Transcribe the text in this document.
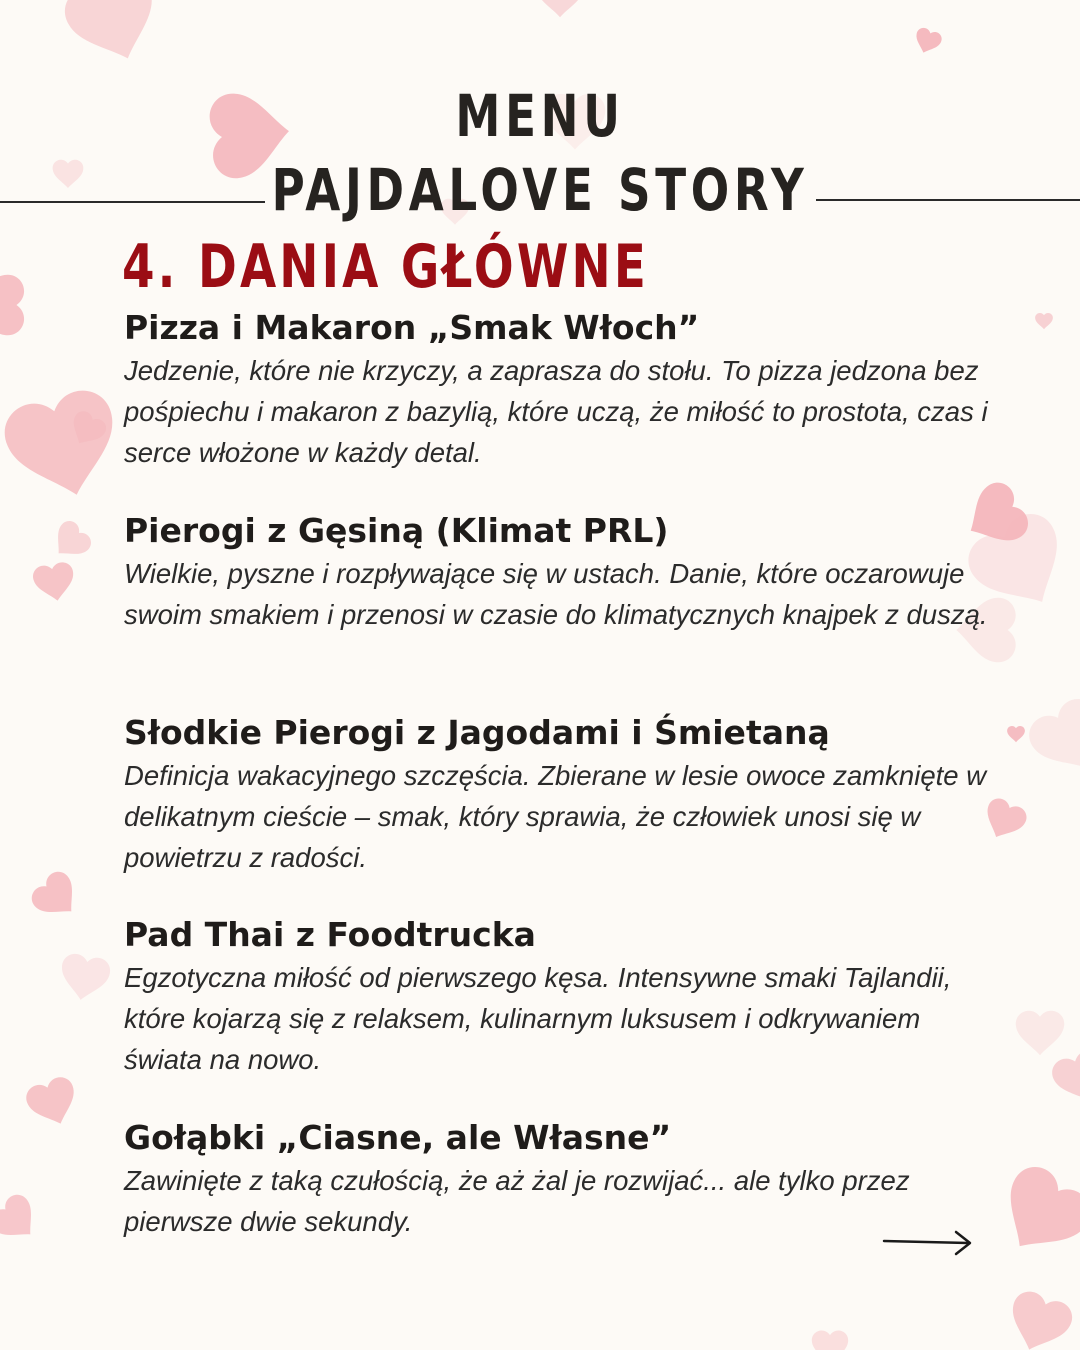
MENU
PAJDALOVE STORY
4. DANIA GŁÓWNE
Pizza i Makaron „Smak Włoch”
Jedzenie, które nie krzyczy, a zaprasza do stołu. To pizza jedzona bez pośpiechu i makaron z bazylią, które uczą, że miłość to prostota, czas i serce włożone w każdy detal.
Pierogi z Gęsiną (Klimat PRL)
Wielkie, pyszne i rozpływające się w ustach. Danie, które oczarowuje swoim smakiem i przenosi w czasie do klimatycznych knajpek z duszą.
Słodkie Pierogi z Jagodami i Śmietaną
Definicja wakacyjnego szczęścia. Zbierane w lesie owoce zamknięte w delikatnym cieście – smak, który sprawia, że człowiek unosi się w powietrzu z radości.
Pad Thai z Foodtrucka
Egzotyczna miłość od pierwszego kęsa. Intensywne smaki Tajlandii, które kojarzą się z relaksem, kulinarnym luksusem i odkrywaniem świata na nowo.
Gołąbki „Ciasne, ale Własne”
Zawinięte z taką czułością, że aż żal je rozwijać... ale tylko przez pierwsze dwie sekundy.
